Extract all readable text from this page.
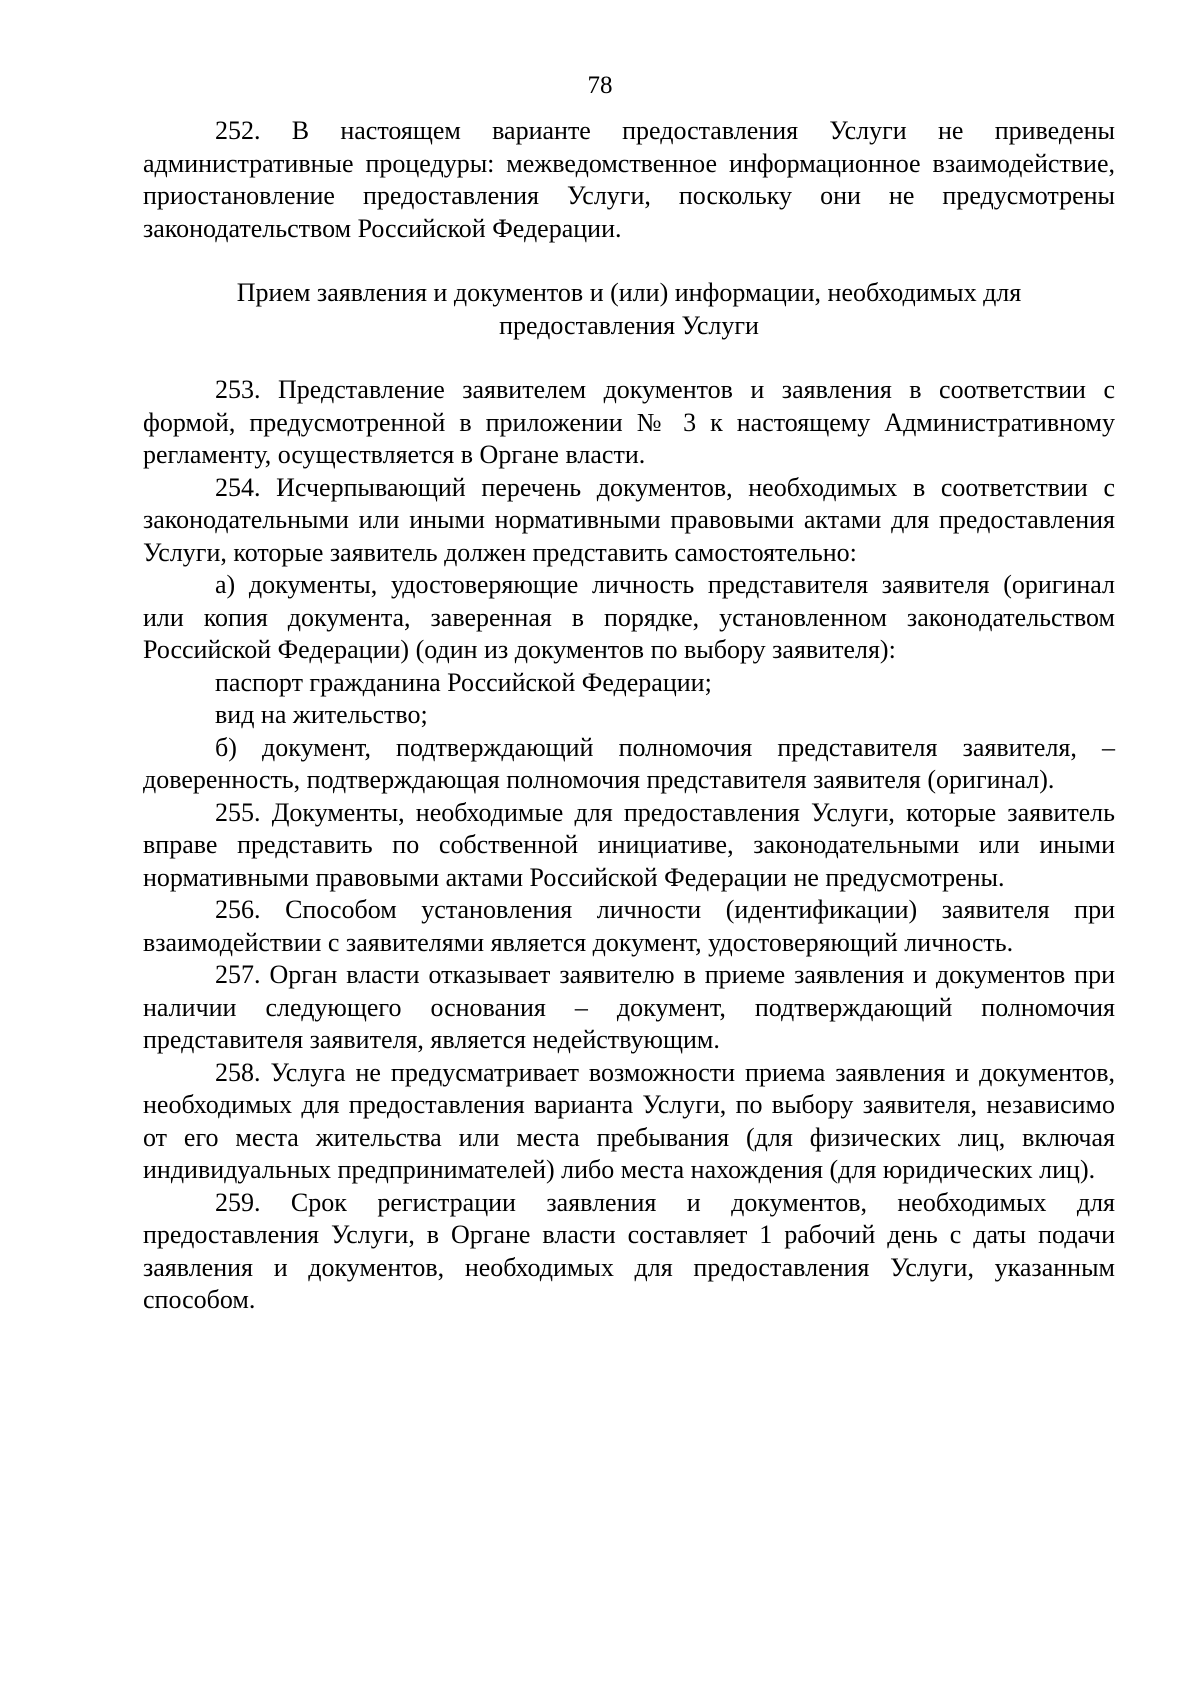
78

252. В настоящем варианте предоставления Услуги не приведены административные процедуры: межведомственное информационное взаимодействие, приостановление предоставления Услуги, поскольку они не предусмотрены законодательством Российской Федерации.

Прием заявления и документов и (или) информации, необходимых для предоставления Услуги

253. Представление заявителем документов и заявления в соответствии с формой, предусмотренной в приложении № 3 к настоящему Административному регламенту, осуществляется в Органе власти.

254. Исчерпывающий перечень документов, необходимых в соответствии с законодательными или иными нормативными правовыми актами для предоставления Услуги, которые заявитель должен представить самостоятельно:

а) документы, удостоверяющие личность представителя заявителя (оригинал или копия документа, заверенная в порядке, установленном законодательством Российской Федерации) (один из документов по выбору заявителя):

паспорт гражданина Российской Федерации;

вид на жительство;

б) документ, подтверждающий полномочия представителя заявителя, – доверенность, подтверждающая полномочия представителя заявителя (оригинал).

255. Документы, необходимые для предоставления Услуги, которые заявитель вправе представить по собственной инициативе, законодательными или иными нормативными правовыми актами Российской Федерации не предусмотрены.

256. Способом установления личности (идентификации) заявителя при взаимодействии с заявителями является документ, удостоверяющий личность.

257. Орган власти отказывает заявителю в приеме заявления и документов при наличии следующего основания – документ, подтверждающий полномочия представителя заявителя, является недействующим.

258. Услуга не предусматривает возможности приема заявления и документов, необходимых для предоставления варианта Услуги, по выбору заявителя, независимо от его места жительства или места пребывания (для физических лиц, включая индивидуальных предпринимателей) либо места нахождения (для юридических лиц).

259. Срок регистрации заявления и документов, необходимых для предоставления Услуги, в Органе власти составляет 1 рабочий день с даты подачи заявления и документов, необходимых для предоставления Услуги, указанным способом.
